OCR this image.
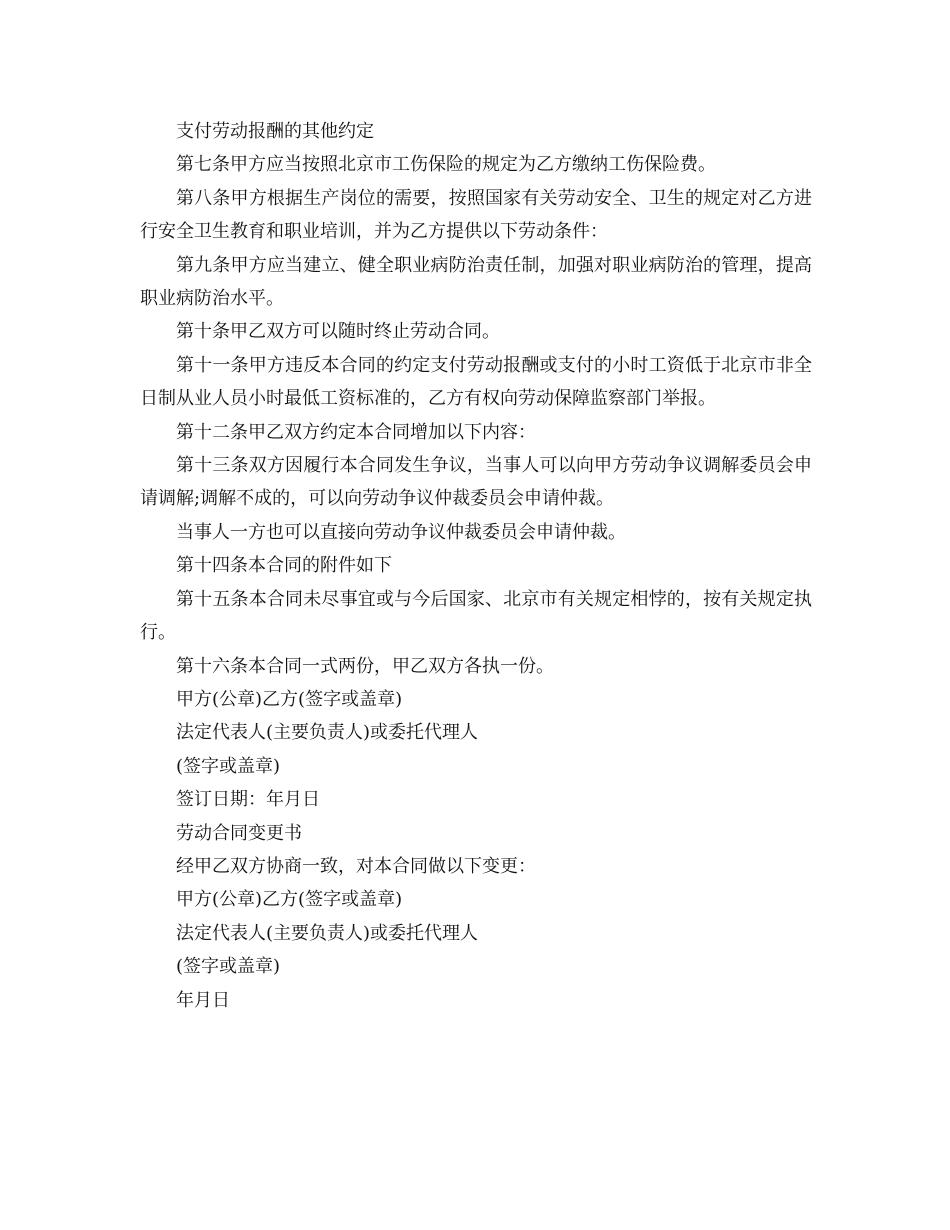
支付劳动报酬的其他约定

第七条甲方应当按照北京市工伤保险的规定为乙方缴纳工伤保险费。

第八条甲方根据生产岗位的需要，按照国家有关劳动安全、卫生的规定对乙方进行安全卫生教育和职业培训，并为乙方提供以下劳动条件：

第九条甲方应当建立、健全职业病防治责任制，加强对职业病防治的管理，提高职业病防治水平。

第十条甲乙双方可以随时终止劳动合同。

第十一条甲方违反本合同的约定支付劳动报酬或支付的小时工资低于北京市非全日制从业人员小时最低工资标准的，乙方有权向劳动保障监察部门举报。

第十二条甲乙双方约定本合同增加以下内容：

第十三条双方因履行本合同发生争议，当事人可以向甲方劳动争议调解委员会申请调解;调解不成的，可以向劳动争议仲裁委员会申请仲裁。

当事人一方也可以直接向劳动争议仲裁委员会申请仲裁。

第十四条本合同的附件如下

第十五条本合同未尽事宜或与今后国家、北京市有关规定相悖的，按有关规定执行。

第十六条本合同一式两份，甲乙双方各执一份。

甲方(公章)乙方(签字或盖章)

法定代表人(主要负责人)或委托代理人

(签字或盖章)

签订日期：年月日

劳动合同变更书

经甲乙双方协商一致，对本合同做以下变更：

甲方(公章)乙方(签字或盖章)

法定代表人(主要负责人)或委托代理人

(签字或盖章)

年月日
